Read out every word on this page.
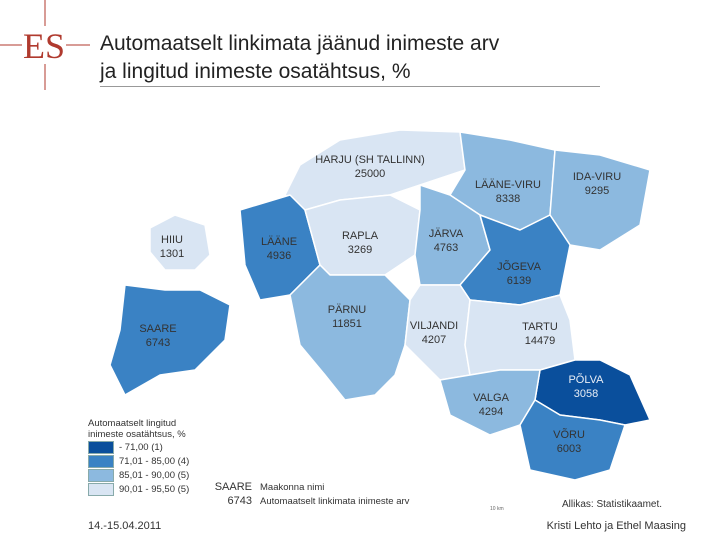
ES Automaatselt linkimata jäänud inimeste arv
ja lingitud inimeste osatähtsus, %
HARJU (SH TALLINN)
25000
LÄÄNE-VIRU
8338
IDA-VIRU
9295
HIIU
1301
LÄÄNE
4936
RAPLA
3269
JÄRVA
4763
JÕGEVA
6139
SAARE
6743
PÄRNU
11851	VILJANDI
4207
TARTU
14479
PÕLVA
3058
VALGA
4294
VÕRU
6003
Automaatselt lingitud
inimeste osatähtsus, %
- 71,00 (1)
71,01 - 85,00 (4)
85,01 - 90,00 (5)
90,01 - 95,50 (5)	SAARE Maakonna nimi
6743 Automaatselt linkimata inimeste arv
10 km	Allikas: Statistikaamet.
14.-15.04.2011	Kristi Lehto ja Ethel Maasing
